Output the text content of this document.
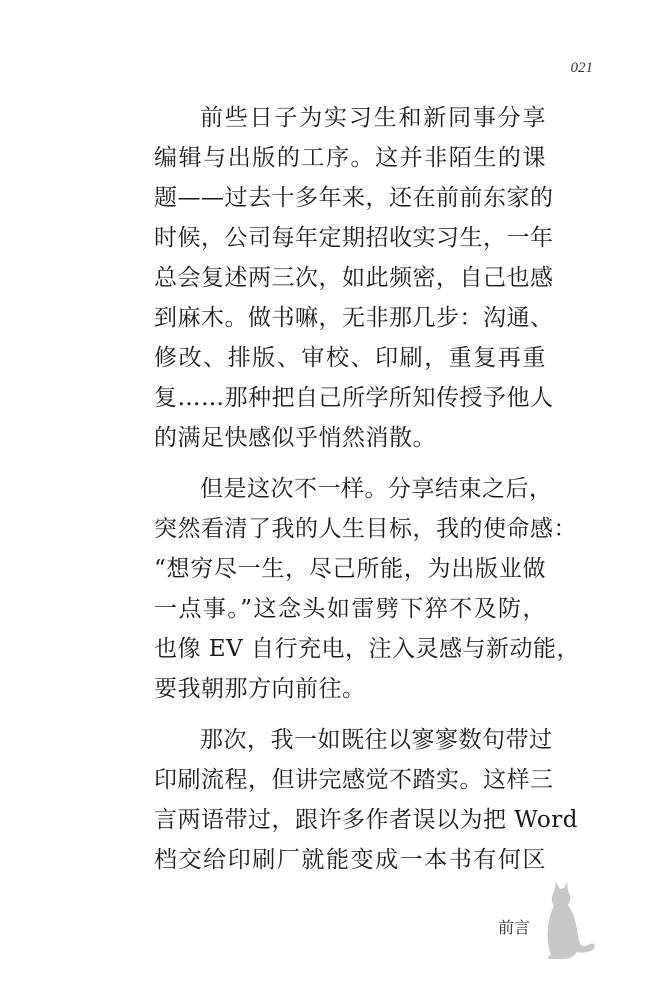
021

前些日子为实习生和新同事分享
编辑与出版的工序。这并非陌生的课
题——过去十多年来，还在前前东家的
时候，公司每年定期招收实习生，一年
总会复述两三次，如此频密，自己也感
到麻木。做书嘛，无非那几步：沟通、
修改、排版、审校、印刷，重复再重
复……那种把自己所学所知传授予他人
的满足快感似乎悄然消散。

但是这次不一样。分享结束之后，
突然看清了我的人生目标，我的使命感：
“想穷尽一生，尽己所能，为出版业做
一点事。”这念头如雷劈下猝不及防，
也像 EV 自行充电，注入灵感与新动能，
要我朝那方向前往。

那次，我一如既往以寥寥数句带过
印刷流程，但讲完感觉不踏实。这样三
言两语带过，跟许多作者误以为把 Word
档交给印刷厂就能变成一本书有何区

前言
